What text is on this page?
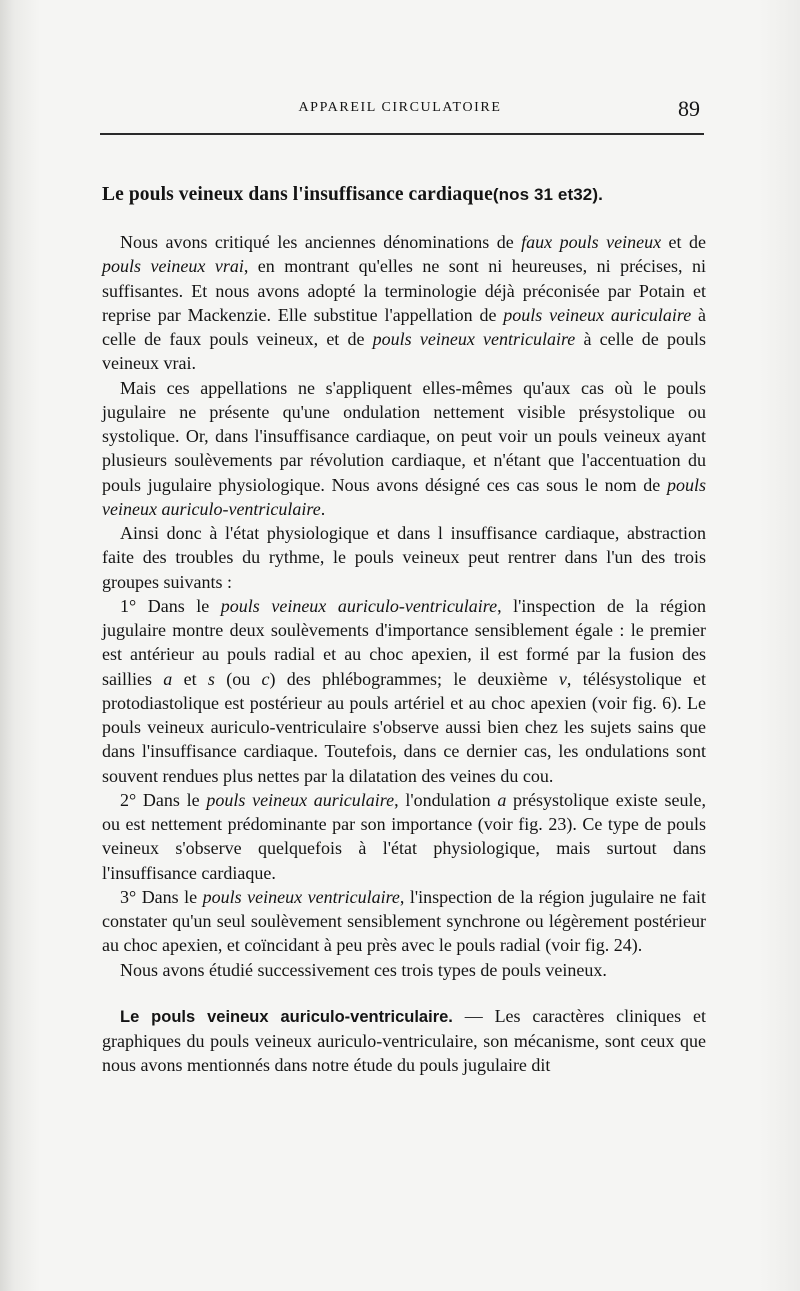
APPAREIL CIRCULATOIRE	89
Le pouls veineux dans l'insuffisance cardiaque(nos 31 et32).

Nous avons critiqué les anciennes dénominations de faux pouls veineux et de pouls veineux vrai, en montrant qu'elles ne sont ni heureuses, ni précises, ni suffisantes. Et nous avons adopté la terminologie déjà préconisée par Potain et reprise par Mackenzie. Elle substitue l'appellation de pouls veineux auriculaire à celle de faux pouls veineux, et de pouls veineux ventriculaire à celle de pouls veineux vrai.

Mais ces appellations ne s'appliquent elles-mêmes qu'aux cas où le pouls jugulaire ne présente qu'une ondulation nettement visible présystolique ou systolique. Or, dans l'insuffisance cardiaque, on peut voir un pouls veineux ayant plusieurs soulèvements par révolution cardiaque, et n'étant que l'accentuation du pouls jugulaire physiologique. Nous avons désigné ces cas sous le nom de pouls veineux auriculo-ventriculaire.

Ainsi donc à l'état physiologique et dans l insuffisance cardiaque, abstraction faite des troubles du rythme, le pouls veineux peut rentrer dans l'un des trois groupes suivants :

1° Dans le pouls veineux auriculo-ventriculaire, l'inspection de la région jugulaire montre deux soulèvements d'importance sensiblement égale : le premier est antérieur au pouls radial et au choc apexien, il est formé par la fusion des saillies a et s (ou c) des phlébogrammes; le deuxième v, télésystolique et protodiastolique est postérieur au pouls artériel et au choc apexien (voir fig. 6). Le pouls veineux auriculo-ventriculaire s'observe aussi bien chez les sujets sains que dans l'insuffisance cardiaque. Toutefois, dans ce dernier cas, les ondulations sont souvent rendues plus nettes par la dilatation des veines du cou.

2° Dans le pouls veineux auriculaire, l'ondulation a présystolique existe seule, ou est nettement prédominante par son importance (voir fig. 23). Ce type de pouls veineux s'observe quelquefois à l'état physiologique, mais surtout dans l'insuffisance cardiaque.

3° Dans le pouls veineux ventriculaire, l'inspection de la région jugulaire ne fait constater qu'un seul soulèvement sensiblement synchrone ou légèrement postérieur au choc apexien, et coïncidant à peu près avec le pouls radial (voir fig. 24).

Nous avons étudié successivement ces trois types de pouls veineux.

Le pouls veineux auriculo-ventriculaire. — Les caractères cliniques et graphiques du pouls veineux auriculo-ventriculaire, son mécanisme, sont ceux que nous avons mentionnés dans notre étude du pouls jugulaire dit
